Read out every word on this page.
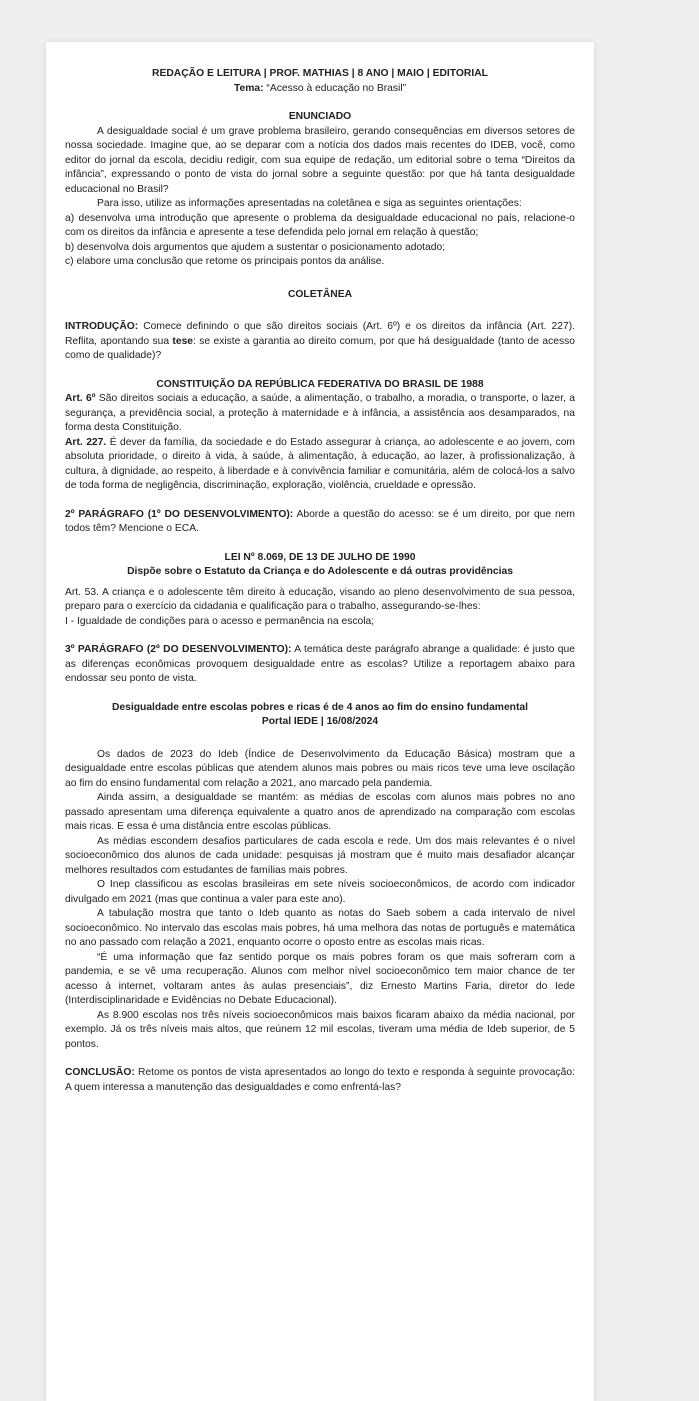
REDAÇÃO E LEITURA | PROF. MATHIAS | 8 ANO | MAIO | EDITORIAL

Tema: “Acesso à educação no Brasil”

ENUNCIADO

A desigualdade social é um grave problema brasileiro, gerando consequências em diversos setores de nossa sociedade. Imagine que, ao se deparar com a notícia dos dados mais recentes do IDEB, você, como editor do jornal da escola, decidiu redigir, com sua equipe de redação, um editorial sobre o tema “Direitos da infância”, expressando o ponto de vista do jornal sobre a seguinte questão: por que há tanta desigualdade educacional no Brasil?

Para isso, utilize as informações apresentadas na coletânea e siga as seguintes orientações:

a) desenvolva uma introdução que apresente o problema da desigualdade educacional no país, relacione-o com os direitos da infância e apresente a tese defendida pelo jornal em relação à questão;

b) desenvolva dois argumentos que ajudem a sustentar o posicionamento adotado;

c) elabore uma conclusão que retome os principais pontos da análise.

COLETÂNEA

INTRODUÇÃO: Comece definindo o que são direitos sociais (Art. 6º) e os direitos da infância (Art. 227). Reflita, apontando sua tese: se existe a garantia ao direito comum, por que há desigualdade (tanto de acesso como de qualidade)?

CONSTITUIÇÃO DA REPÚBLICA FEDERATIVA DO BRASIL DE 1988

Art. 6º São direitos sociais a educação, a saúde, a alimentação, o trabalho, a moradia, o transporte, o lazer, a segurança, a previdência social, a proteção à maternidade e à infância, a assistência aos desamparados, na forma desta Constituição.

Art. 227. É dever da família, da sociedade e do Estado assegurar à criança, ao adolescente e ao jovem, com absoluta prioridade, o direito à vida, à saúde, à alimentação, à educação, ao lazer, à profissionalização, à cultura, à dignidade, ao respeito, à liberdade e à convivência familiar e comunitária, além de colocá-los a salvo de toda forma de negligência, discriminação, exploração, violência, crueldade e opressão.

2º PARÁGRAFO (1º DO DESENVOLVIMENTO): Aborde a questão do acesso: se é um direito, por que nem todos têm? Mencione o ECA.

LEI Nº 8.069, DE 13 DE JULHO DE 1990

Dispõe sobre o Estatuto da Criança e do Adolescente e dá outras providências

Art. 53. A criança e o adolescente têm direito à educação, visando ao pleno desenvolvimento de sua pessoa, preparo para o exercício da cidadania e qualificação para o trabalho, assegurando-se-lhes:

I - Igualdade de condições para o acesso e permanência na escola;

3º PARÁGRAFO (2º DO DESENVOLVIMENTO): A temática deste parágrafo abrange a qualidade: é justo que as diferenças econômicas provoquem desigualdade entre as escolas? Utilize a reportagem abaixo para endossar seu ponto de vista.

Desigualdade entre escolas pobres e ricas é de 4 anos ao fim do ensino fundamental

Portal IEDE | 16/08/2024

Os dados de 2023 do Ideb (Índice de Desenvolvimento da Educação Básica) mostram que a desigualdade entre escolas públicas que atendem alunos mais pobres ou mais ricos teve uma leve oscilação ao fim do ensino fundamental com relação a 2021, ano marcado pela pandemia.

Ainda assim, a desigualdade se mantém: as médias de escolas com alunos mais pobres no ano passado apresentam uma diferença equivalente a quatro anos de aprendizado na comparação com escolas mais ricas. E essa é uma distância entre escolas públicas.

As médias escondem desafios particulares de cada escola e rede. Um dos mais relevantes é o nível socioeconômico dos alunos de cada unidade: pesquisas já mostram que é muito mais desafiador alcançar melhores resultados com estudantes de famílias mais pobres.

O Inep classificou as escolas brasileiras em sete níveis socioeconômicos, de acordo com indicador divulgado em 2021 (mas que continua a valer para este ano).

A tabulação mostra que tanto o Ideb quanto as notas do Saeb sobem a cada intervalo de nível socioeconômico. No intervalo das escolas mais pobres, há uma melhora das notas de português e matemática no ano passado com relação a 2021, enquanto ocorre o oposto entre as escolas mais ricas.

“É uma informação que faz sentido porque os mais pobres foram os que mais sofreram com a pandemia, e se vê uma recuperação. Alunos com melhor nível socioeconômico tem maior chance de ter acesso à internet, voltaram antes às aulas presenciais”, diz Ernesto Martins Faria, diretor do Iede (Interdisciplinaridade e Evidências no Debate Educacional).

As 8.900 escolas nos três níveis socioeconômicos mais baixos ficaram abaixo da média nacional, por exemplo. Já os três níveis mais altos, que reúnem 12 mil escolas, tiveram uma média de Ideb superior, de 5 pontos.

CONCLUSÃO: Retome os pontos de vista apresentados ao longo do texto e responda à seguinte provocação: A quem interessa a manutenção das desigualdades e como enfrentá-las?
